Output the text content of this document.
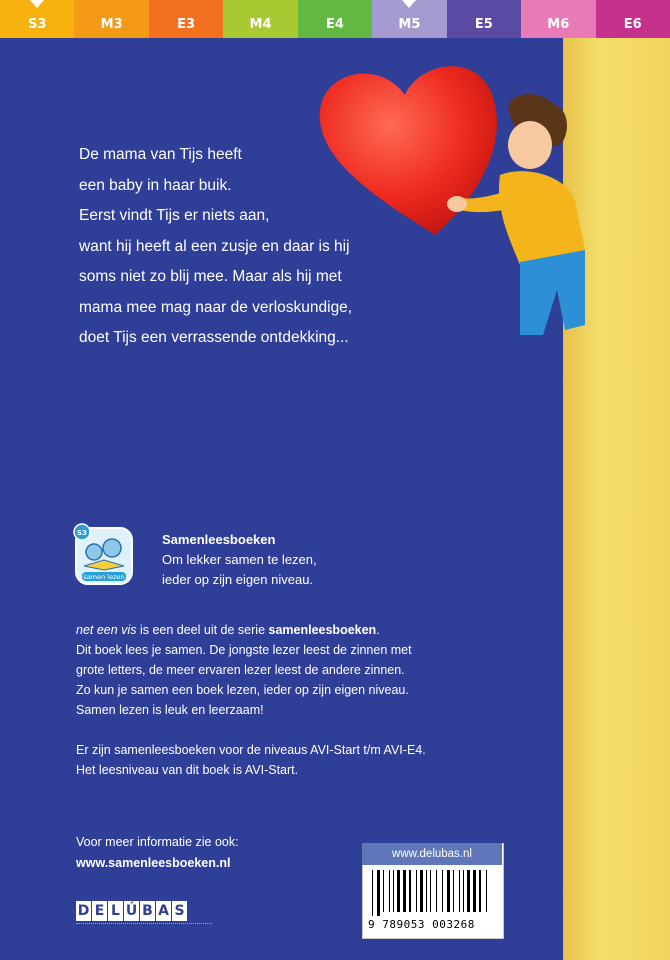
S3	M3	E3	M4	E4	M5	E5	M6	E6

De mama van Tijs heeft

een baby in haar buik.

Eerst vindt Tijs er niets aan,

want hij heeft al een zusje en daar is hij

soms niet zo blij mee. Maar als hij met

mama mee mag naar de verloskundige,

doet Tijs een verrassende ontdekking...

samen lezen
S3	Samenleesboeken
Om lekker samen te lezen,
ieder op zijn eigen niveau.

net een vis is een deel uit de serie samenleesboeken.
Dit boek lees je samen. De jongste lezer leest de zinnen met
grote letters, de meer ervaren lezer leest de andere zinnen.
Zo kun je samen een boek lezen, ieder op zijn eigen niveau.
Samen lezen is leuk en leerzaam!

Er zijn samenleesboeken voor de niveaus AVI-Start t/m AVI-E4.
Het leesniveau van dit boek is AVI-Start.

Voor meer informatie zie ook:
www.samenleesboeken.nl
D E L Ú B A S
www.delubas.nl
9 789053 003268
